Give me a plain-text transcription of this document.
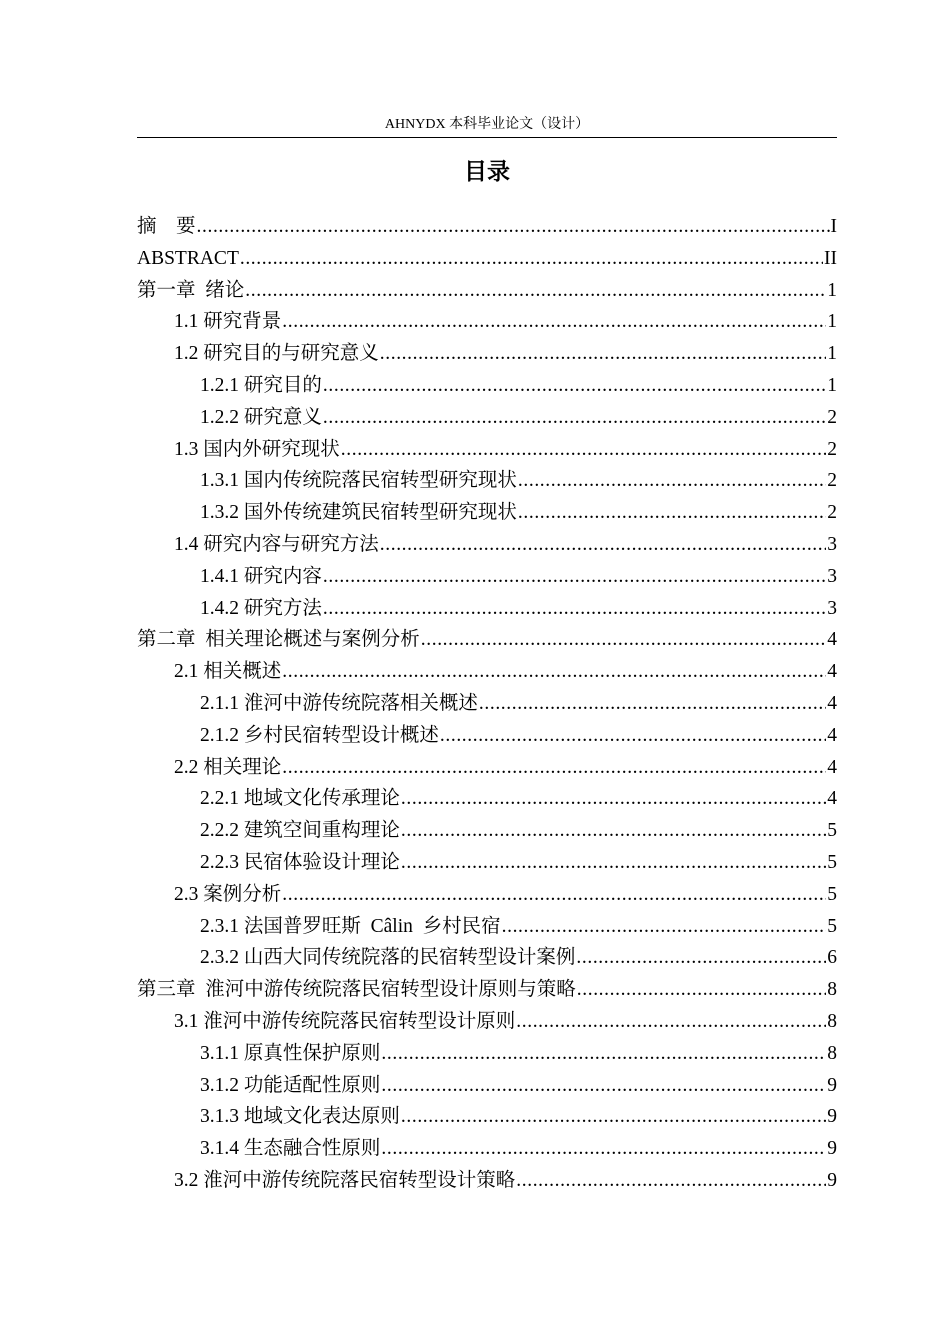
AHNYDX 本科毕业论文（设计）
目录
摘    要 .....	I
ABSTRACT .....	II
第一章  绪论 .....	1
1.1 研究背景 .....	1
1.2 研究目的与研究意义 .....	1
1.2.1 研究目的 .....	1
1.2.2 研究意义 .....	2
1.3 国内外研究现状 .....	2
1.3.1 国内传统院落民宿转型研究现状 .....	2
1.3.2 国外传统建筑民宿转型研究现状 .....	2
1.4 研究内容与研究方法 .....	3
1.4.1 研究内容 .....	3
1.4.2 研究方法 .....	3
第二章  相关理论概述与案例分析 .....	4
2.1 相关概述 .....	4
2.1.1 淮河中游传统院落相关概述 .....	4
2.1.2 乡村民宿转型设计概述 .....	4
2.2 相关理论 .....	4
2.2.1 地域文化传承理论 .....	4
2.2.2 建筑空间重构理论 .....	5
2.2.3 民宿体验设计理论 .....	5
2.3 案例分析 .....	5
2.3.1 法国普罗旺斯  Câlin  乡村民宿 .....	5
2.3.2 山西大同传统院落的民宿转型设计案例 .....	6
第三章  淮河中游传统院落民宿转型设计原则与策略 .....	8
3.1 淮河中游传统院落民宿转型设计原则 .....	8
3.1.1 原真性保护原则 .....	8
3.1.2 功能适配性原则 .....	9
3.1.3 地域文化表达原则 .....	9
3.1.4 生态融合性原则 .....	9
3.2 淮河中游传统院落民宿转型设计策略 .....	9
